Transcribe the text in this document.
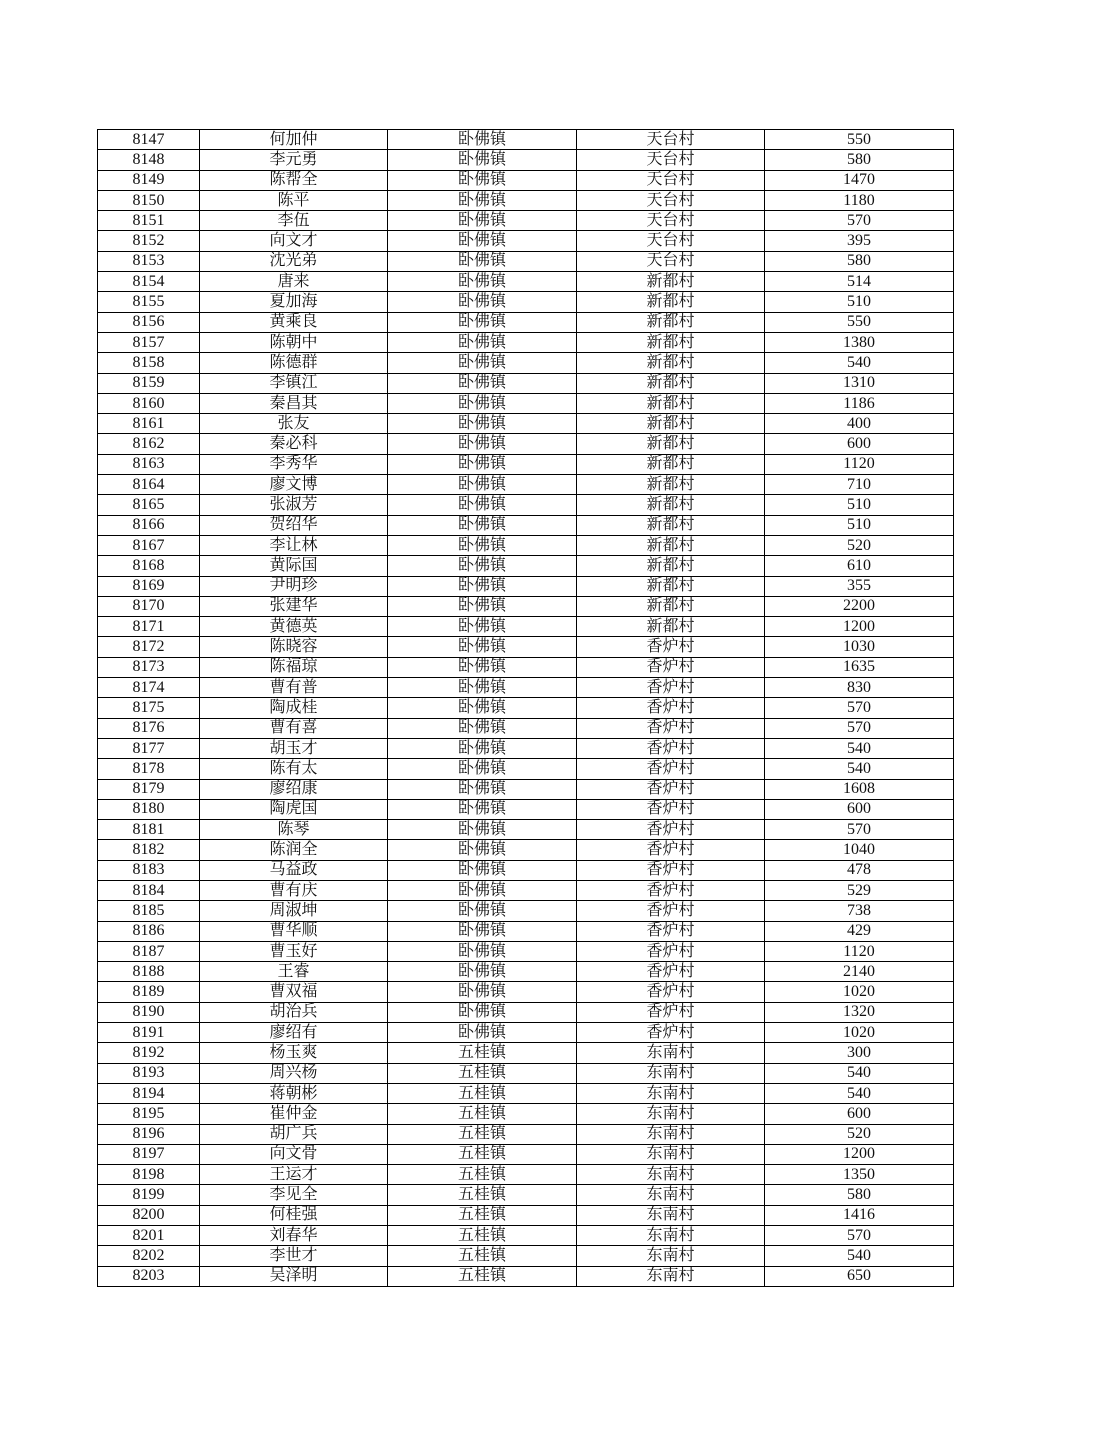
8147	何加仲	卧佛镇	天台村	550
8148	李元勇	卧佛镇	天台村	580
8149	陈帮全	卧佛镇	天台村	1470
8150	陈平	卧佛镇	天台村	1180
8151	李伍	卧佛镇	天台村	570
8152	向文才	卧佛镇	天台村	395
8153	沈光弟	卧佛镇	天台村	580
8154	唐来	卧佛镇	新都村	514
8155	夏加海	卧佛镇	新都村	510
8156	黄乘良	卧佛镇	新都村	550
8157	陈朝中	卧佛镇	新都村	1380
8158	陈德群	卧佛镇	新都村	540
8159	李镇江	卧佛镇	新都村	1310
8160	秦昌其	卧佛镇	新都村	1186
8161	张友	卧佛镇	新都村	400
8162	秦必科	卧佛镇	新都村	600
8163	李秀华	卧佛镇	新都村	1120
8164	廖文博	卧佛镇	新都村	710
8165	张淑芳	卧佛镇	新都村	510
8166	贺绍华	卧佛镇	新都村	510
8167	李让林	卧佛镇	新都村	520
8168	黄际国	卧佛镇	新都村	610
8169	尹明珍	卧佛镇	新都村	355
8170	张建华	卧佛镇	新都村	2200
8171	黄德英	卧佛镇	新都村	1200
8172	陈晓容	卧佛镇	香炉村	1030
8173	陈福琼	卧佛镇	香炉村	1635
8174	曹有普	卧佛镇	香炉村	830
8175	陶成桂	卧佛镇	香炉村	570
8176	曹有喜	卧佛镇	香炉村	570
8177	胡玉才	卧佛镇	香炉村	540
8178	陈有太	卧佛镇	香炉村	540
8179	廖绍康	卧佛镇	香炉村	1608
8180	陶虎国	卧佛镇	香炉村	600
8181	陈琴	卧佛镇	香炉村	570
8182	陈润全	卧佛镇	香炉村	1040
8183	马益政	卧佛镇	香炉村	478
8184	曹有庆	卧佛镇	香炉村	529
8185	周淑坤	卧佛镇	香炉村	738
8186	曹华顺	卧佛镇	香炉村	429
8187	曹玉好	卧佛镇	香炉村	1120
8188	王睿	卧佛镇	香炉村	2140
8189	曹双福	卧佛镇	香炉村	1020
8190	胡治兵	卧佛镇	香炉村	1320
8191	廖绍有	卧佛镇	香炉村	1020
8192	杨玉爽	五桂镇	东南村	300
8193	周兴杨	五桂镇	东南村	540
8194	蒋朝彬	五桂镇	东南村	540
8195	崔仲金	五桂镇	东南村	600
8196	胡广兵	五桂镇	东南村	520
8197	向文骨	五桂镇	东南村	1200
8198	王运才	五桂镇	东南村	1350
8199	李见全	五桂镇	东南村	580
8200	何桂强	五桂镇	东南村	1416
8201	刘春华	五桂镇	东南村	570
8202	李世才	五桂镇	东南村	540
8203	吴泽明	五桂镇	东南村	650
